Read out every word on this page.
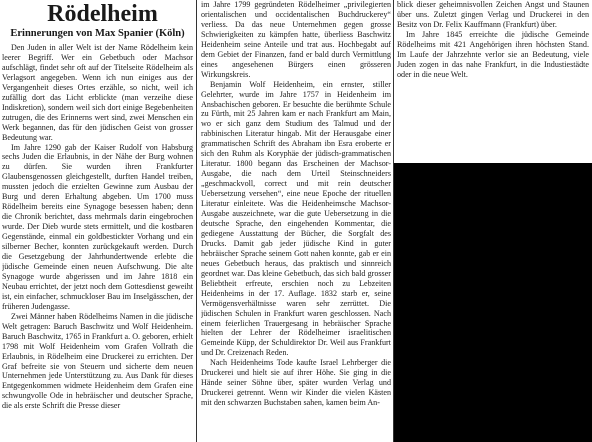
Rödelheim
Erinnerungen von Max Spanier (Köln)

Den Juden in aller Welt ist der Name Rödelheim kein leerer Begriff. Wer ein Gebetbuch oder Machsor aufschlägt, findet sehr oft auf der Titelseite Rödelheim als Verlagsort angegeben. Wenn ich nun einiges aus der Vergangenheit dieses Ortes erzähle, so nicht, weil ich zufällig dort das Licht erblickte (man verzeihe diese Indiskretion), sondern weil sich dort einige Begebenheiten zutrugen, die des Erinnerns wert sind, zwei Menschen ein Werk begannen, das für den jüdischen Geist von grosser Bedeutung war.

Im Jahre 1290 gab der Kaiser Rudolf von Habsburg sechs Juden die Erlaubnis, in der Nähe der Burg wohnen zu dürfen. Sie wurden ihren Frankfurter Glaubensgenossen gleichgestellt, durften Handel treiben, mussten jedoch die erzielten Gewinne zum Ausbau der Burg und deren Erhaltung abgeben. Um 1700 muss Rödelheim bereits eine Synagoge besessen haben; denn die Chronik berichtet, dass mehrmals darin eingebrochen wurde. Der Dieb wurde stets ermittelt, und die kostbaren Gegenstände, einmal ein goldbestickter Vorhang und ein silberner Becher, konnten zurückgekauft werden. Durch die Gesetzgebung der Jahrhundertwende erlebte die jüdische Gemeinde einen neuen Aufschwung. Die alte Synagoge wurde abgerissen und im Jahre 1818 ein Neubau errichtet, der jetzt noch dem Gottesdienst geweiht ist, ein einfacher, schmuckloser Bau im Inselgässchen, der früheren Judengasse.

Zwei Männer haben Rödelheims Namen in die jüdische Welt getragen: Baruch Baschwitz und Wolf Heidenheim. Baruch Baschwitz, 1765 in Frankfurt a. O. geboren, erhielt 1798 mit Wolf Heidenheim vom Grafen Vollrath die Erlaubnis, in Rödelheim eine Druckerei zu errichten. Der Graf befreite sie von Steuern und sicherte dem neuen Unternehmen jede Unterstützung zu. Aus Dank für dieses Entgegenkommen widmete Heidenheim dem Grafen eine schwungvolle Ode in hebräischer und deutscher Sprache, die als erste Schrift die Presse dieser

im Jahre 1799 gegründeten Rödelheimer „privilegierten orientalischen und occidentalischen Buchdruckerey“ verliess. Da das neue Unternehmen gegen grosse Schwierigkeiten zu kämpfen hatte, überliess Baschwitz Heidenheim seine Anteile und trat aus. Hochbegabt auf dem Gebiet der Finanzen, fand er bald durch Vermittlung eines angesehenen Bürgers einen grösseren Wirkungskreis.

Benjamin Wolf Heidenheim, ein ernster, stiller Gelehrter, wurde im Jahre 1757 in Heidenheim im Ansbachischen geboren. Er besuchte die berühmte Schule zu Fürth, mit 25 Jahren kam er nach Frankfurt am Main, wo er sich ganz dem Studium des Talmud und der rabbinischen Literatur hingab. Mit der Herausgabe einer grammatischen Schrift des Abraham ibn Esra eroberte er sich den Ruhm als Koryphäe der jüdisch-grammatischen Literatur. 1800 begann das Erscheinen der Machsor-Ausgabe, die nach dem Urteil Steinschneiders „geschmackvoll, correct und mit rein deutscher Uebersetzung versehen“, eine neue Epoche der rituellen Literatur einleitete. Was die Heidenheimsche Machsor-Ausgabe auszeichnete, war die gute Uebersetzung in die deutsche Sprache, den eingehenden Kommentar, die gediegene Ausstattung der Bücher, die Sorgfalt des Drucks. Damit gab jeder jüdische Kind in guter hebräischer Sprache seinem Gott nahen konnte, gab er ein neues Gebetbuch heraus, das praktisch und sinnreich geordnet war. Das kleine Gebetbuch, das sich bald grosser Beliebtheit erfreute, erschien noch zu Lebzeiten Heidenheims in der 17. Auflage. 1832 starb er, seine Vermögensverhältnisse waren sehr zerrüttet. Die jüdischen Schulen in Frankfurt waren geschlossen. Nach einem feierlichen Trauergesang in hebräischer Sprache hielten der Lehrer der Rödelheimer israelitischen Gemeinde Küpp, der Schuldirektor Dr. Weil aus Frankfurt und Dr. Creizenach Reden.

Nach Heidenheims Tode kaufte Israel Lehrberger die Druckerei und hielt sie auf ihrer Höhe. Sie ging in die Hände seiner Söhne über, später wurden Verlag und Druckerei getrennt. Wenn wir Kinder die vielen Kästen mit den schwarzen Buchstaben sahen, kamen beim An-

blick dieser geheimnisvollen Zeichen Angst und Staunen über uns. Zuletzt gingen Verlag und Druckerei in den Besitz von Dr. Felix Kauffmann (Frankfurt) über.

Im Jahre 1845 erreichte die jüdische Gemeinde Rödelheims mit 421 Angehörigen ihren höchsten Stand. Im Laufe der Jahrzehnte verlor sie an Bedeutung, viele Juden zogen in das nahe Frankfurt, in die Industiestädte oder in die neue Welt.
